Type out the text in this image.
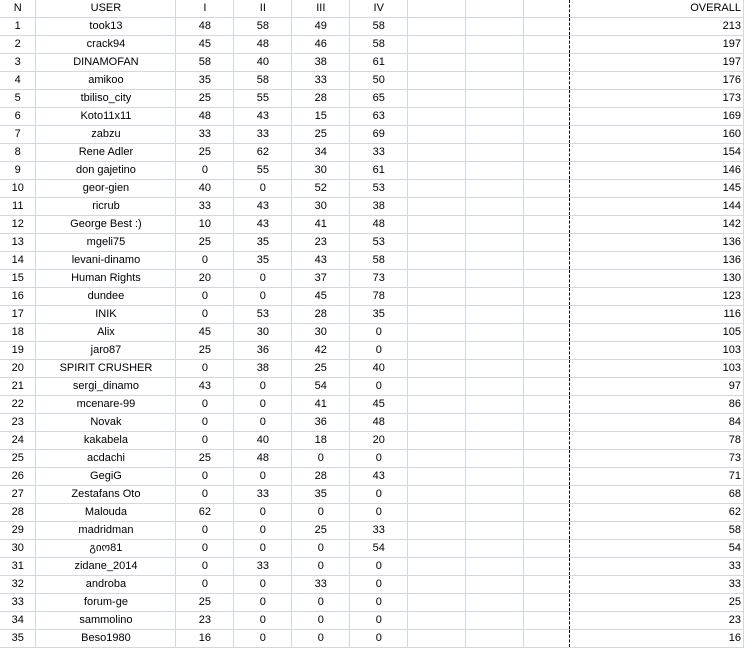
N	USER	I	II	III	IV				OVERALL
1	took13	48	58	49	58				213
2	crack94	45	48	46	58				197
3	DINAMOFAN	58	40	38	61				197
4	amikoo	35	58	33	50				176
5	tbiliso_city	25	55	28	65				173
6	Koto11x11	48	43	15	63				169
7	zabzu	33	33	25	69				160
8	Rene Adler	25	62	34	33				154
9	don gajetino	0	55	30	61				146
10	geor-gien	40	0	52	53				145
11	ricrub	33	43	30	38				144
12	George Best :)	10	43	41	48				142
13	mgeli75	25	35	23	53				136
14	levani-dinamo	0	35	43	58				136
15	Human Rights	20	0	37	73				130
16	dundee	0	0	45	78				123
17	INIK	0	53	28	35				116
18	Alix	45	30	30	0				105
19	jaro87	25	36	42	0				103
20	SPIRIT CRUSHER	0	38	25	40				103
21	sergi_dinamo	43	0	54	0				97
22	mcenare-99	0	0	41	45				86
23	Novak	0	0	36	48				84
24	kakabela	0	40	18	20				78
25	acdachi	25	48	0	0				73
26	GegiG	0	0	28	43				71
27	Zestafans Oto	0	33	35	0				68
28	Malouda	62	0	0	0				62
29	madridman	0	0	25	33				58
30	გიო81	0	0	0	54				54
31	zidane_2014	0	33	0	0				33
32	androba	0	0	33	0				33
33	forum-ge	25	0	0	0				25
34	sammolino	23	0	0	0				23
35	Beso1980	16	0	0	0				16
